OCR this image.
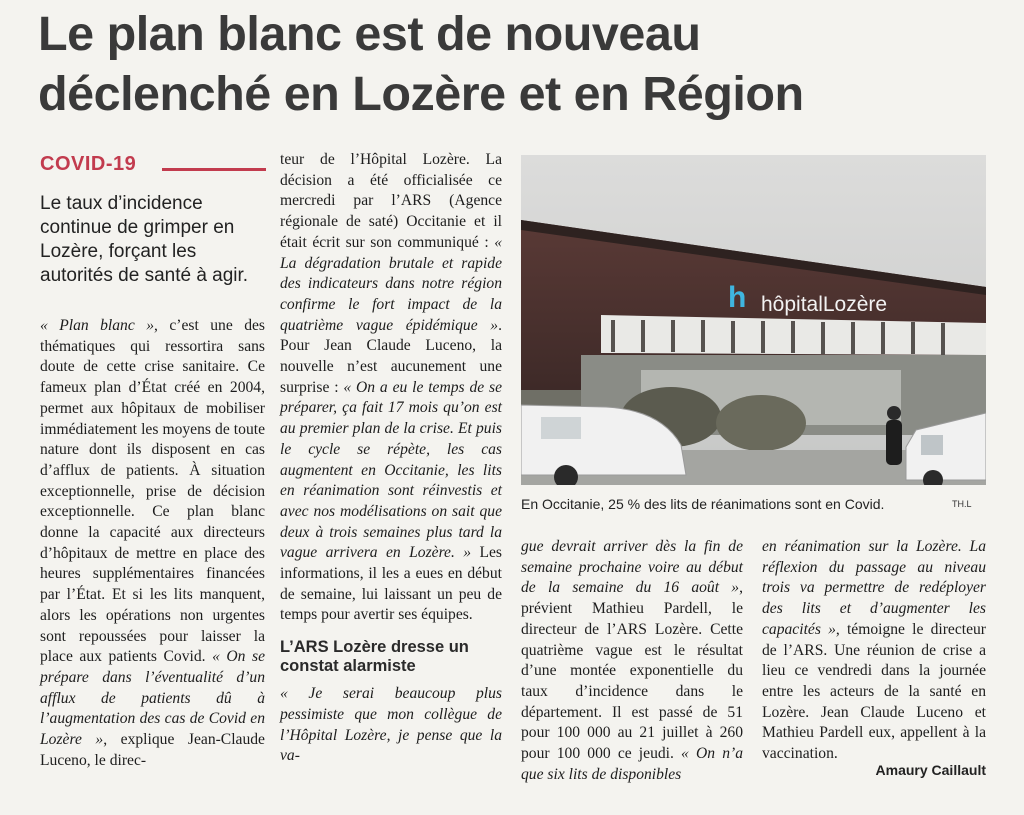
Le plan blanc est de nouveau
déclenché en Lozère et en Région
COVID-19

Le taux d’incidence continue de grimper en Lozère, forçant les autorités de santé à agir.

« Plan blanc », c’est une des thématiques qui ressortira sans doute de cette crise sanitaire. Ce fameux plan d’État créé en 2004, permet aux hôpitaux de mobiliser immédiatement les moyens de toute nature dont ils disposent en cas d’afflux de patients. À situation exceptionnelle, prise de décision exceptionnelle. Ce plan blanc donne la capacité aux directeurs d’hôpitaux de mettre en place des heures supplémentaires financées par l’État. Et si les lits manquent, alors les opérations non urgentes sont repoussées pour laisser la place aux patients Covid. « On se prépare dans l’éventualité d’un afflux de patients dû à l’augmentation des cas de Covid en Lozère », explique Jean-Claude Luceno, le direc-

teur de l’Hôpital Lozère. La décision a été officialisée ce mercredi par l’ARS (Agence régionale de saté) Occitanie et il était écrit sur son communiqué : « La dégradation brutale et rapide des indicateurs dans notre région confirme le fort impact de la quatrième vague épidémique ». Pour Jean Claude Luceno, la nouvelle n’est aucunement une surprise : « On a eu le temps de se préparer, ça fait 17 mois qu’on est au premier plan de la crise. Et puis le cycle se répète, les cas augmentent en Occitanie, les lits en réanimation sont réinvestis et avec nos modélisations on sait que deux à trois semaines plus tard la vague arrivera en Lozère. » Les informations, il les a eues en début de semaine, lui laissant un peu de temps pour avertir ses équipes.

L’ARS Lozère dresse un constat alarmiste

« Je serai beaucoup plus pessimiste que mon collègue de l’Hôpital Lozère, je pense que la va-

h hôpitalLozère
En Occitanie, 25 % des lits de réanimations sont en Covid.	TH.L

gue devrait arriver dès la fin de semaine prochaine voire au début de la semaine du 16 août », prévient Mathieu Pardell, le directeur de l’ARS Lozère. Cette quatrième vague est le résultat d’une montée exponentielle du taux d’incidence dans le département. Il est passé de 51 pour 100 000 au 21 juillet à 260 pour 100 000 ce jeudi. « On n’a que six lits de disponibles

en réanimation sur la Lozère. La réflexion du passage au niveau trois va permettre de redéployer des lits et d’augmenter les capacités », témoigne le directeur de l’ARS. Une réunion de crise a lieu ce vendredi dans la journée entre les acteurs de la santé en Lozère. Jean Claude Luceno et Mathieu Pardell eux, appellent à la vaccination.

Amaury Caillault
